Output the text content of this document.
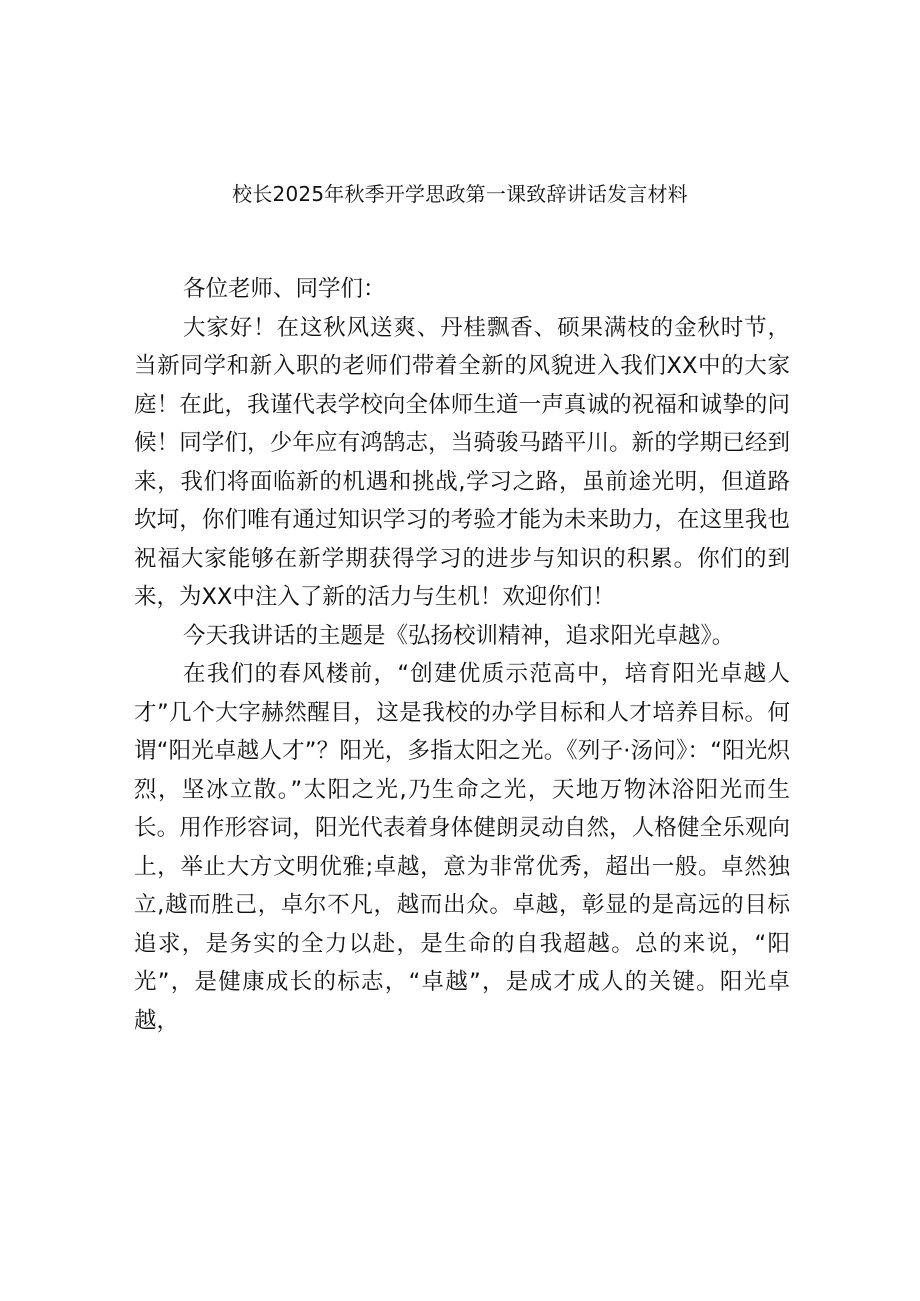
校长2025年秋季开学思政第一课致辞讲话发言材料

各位老师、同学们：

大家好！在这秋风送爽、丹桂飘香、硕果满枝的金秋时节，当新同学和新入职的老师们带着全新的风貌进入我们XX中的大家庭！在此，我谨代表学校向全体师生道一声真诚的祝福和诚挚的问候！同学们，少年应有鸿鹄志，当骑骏马踏平川。新的学期已经到来，我们将面临新的机遇和挑战,学习之路，虽前途光明，但道路坎坷，你们唯有通过知识学习的考验才能为未来助力，在这里我也祝福大家能够在新学期获得学习的进步与知识的积累。你们的到来，为XX中注入了新的活力与生机！欢迎你们！

今天我讲话的主题是《弘扬校训精神，追求阳光卓越》。

在我们的春风楼前，“创建优质示范高中，培育阳光卓越人才”几个大字赫然醒目，这是我校的办学目标和人才培养目标。何谓“阳光卓越人才”？阳光，多指太阳之光。《列子·汤问》：“阳光炽烈，坚冰立散。”太阳之光,乃生命之光，天地万物沐浴阳光而生长。用作形容词，阳光代表着身体健朗灵动自然，人格健全乐观向上，举止大方文明优雅;卓越，意为非常优秀，超出一般。卓然独立,越而胜己，卓尔不凡，越而出众。卓越，彰显的是高远的目标追求，是务实的全力以赴，是生命的自我超越。总的来说，“阳光”，是健康成长的标志，“卓越”，是成才成人的关键。阳光卓越，
